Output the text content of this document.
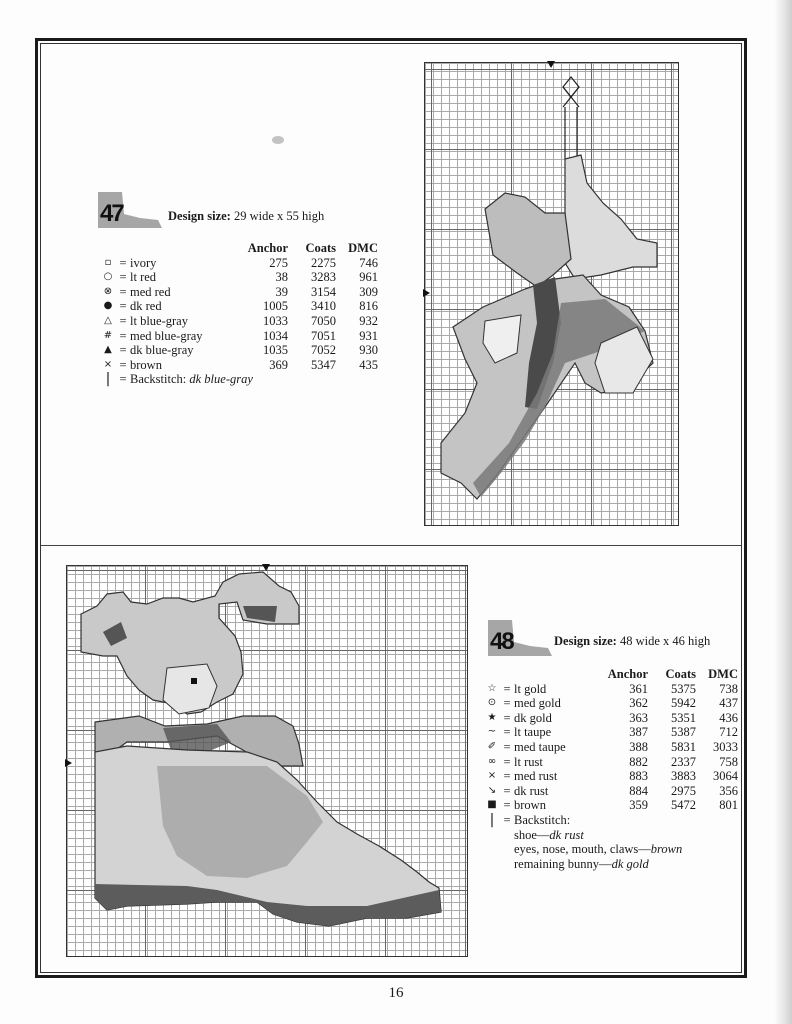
47	Design size: 29 wide x 55 high
			Anchor	Coats	DMC
▫	=	ivory	275	2275	746
○	=	lt red	38	3283	961
⊗	=	med red	39	3154	309
●	=	dk red	1005	3410	816
△	=	lt blue-gray	1033	7050	932
#	=	med blue-gray	1034	7051	931
▲	=	dk blue-gray	1035	7052	930
×	=	brown	369	5347	435
|	=	Backstitch: dk blue-gray			
48	Design size: 48 wide x 46 high
			Anchor	Coats	DMC
☆	=	lt gold	361	5375	738
⊙	=	med gold	362	5942	437
★	=	dk gold	363	5351	436
~	=	lt taupe	387	5387	712
✐	=	med taupe	388	5831	3033
∞	=	lt rust	882	2337	758
×	=	med rust	883	3883	3064
↘	=	dk rust	884	2975	356
■	=	brown	359	5472	801
|	=	Backstitch:			
		shoe—dk rust			
		eyes, nose, mouth, claws—brown			
		remaining bunny—dk gold			
16
